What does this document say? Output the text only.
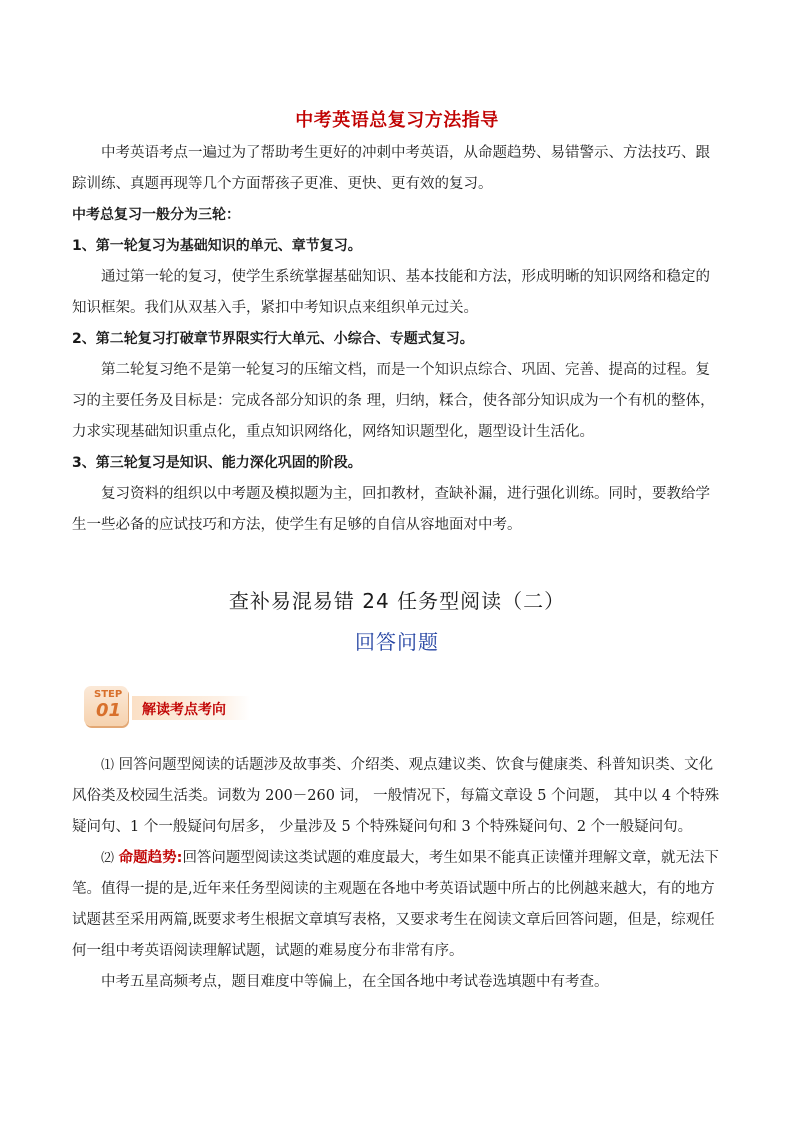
中考英语总复习方法指导

中考英语考点一遍过为了帮助考生更好的冲刺中考英语，从命题趋势、易错警示、方法技巧、跟踪训练、真题再现等几个方面帮孩子更准、更快、更有效的复习。

中考总复习一般分为三轮：

1、第一轮复习为基础知识的单元、章节复习。

通过第一轮的复习，使学生系统掌握基础知识、基本技能和方法，形成明晰的知识网络和稳定的知识框架。我们从双基入手，紧扣中考知识点来组织单元过关。

2、第二轮复习打破章节界限实行大单元、小综合、专题式复习。

第二轮复习绝不是第一轮复习的压缩文档，而是一个知识点综合、巩固、完善、提高的过程。复习的主要任务及目标是：完成各部分知识的条 理，归纳，糅合，使各部分知识成为一个有机的整体，力求实现基础知识重点化，重点知识网络化，网络知识题型化，题型设计生活化。

3、第三轮复习是知识、能力深化巩固的阶段。

复习资料的组织以中考题及模拟题为主，回扣教材，查缺补漏，进行强化训练。同时，要教给学生一些必备的应试技巧和方法，使学生有足够的自信从容地面对中考。

查补易混易错 24 任务型阅读（二）
回答问题
STEP
01 解读考点考向

⑴ 回答问题型阅读的话题涉及故事类、介绍类、观点建议类、饮食与健康类、科普知识类、文化风俗类及校园生活类。词数为 200－260 词， 一般情况下，每篇文章设 5 个问题， 其中以 4 个特殊疑问句、1 个一般疑问句居多， 少量涉及 5 个特殊疑问句和 3 个特殊疑问句、2 个一般疑问句。

⑵ 命题趋势:回答问题型阅读这类试题的难度最大，考生如果不能真正读懂并理解文章，就无法下笔。值得一提的是,近年来任务型阅读的主观题在各地中考英语试题中所占的比例越来越大，有的地方试题甚至采用两篇,既要求考生根据文章填写表格，又要求考生在阅读文章后回答问题，但是，综观任何一组中考英语阅读理解试题，试题的难易度分布非常有序。

中考五星高频考点，题目难度中等偏上，在全国各地中考试卷选填题中有考查。
